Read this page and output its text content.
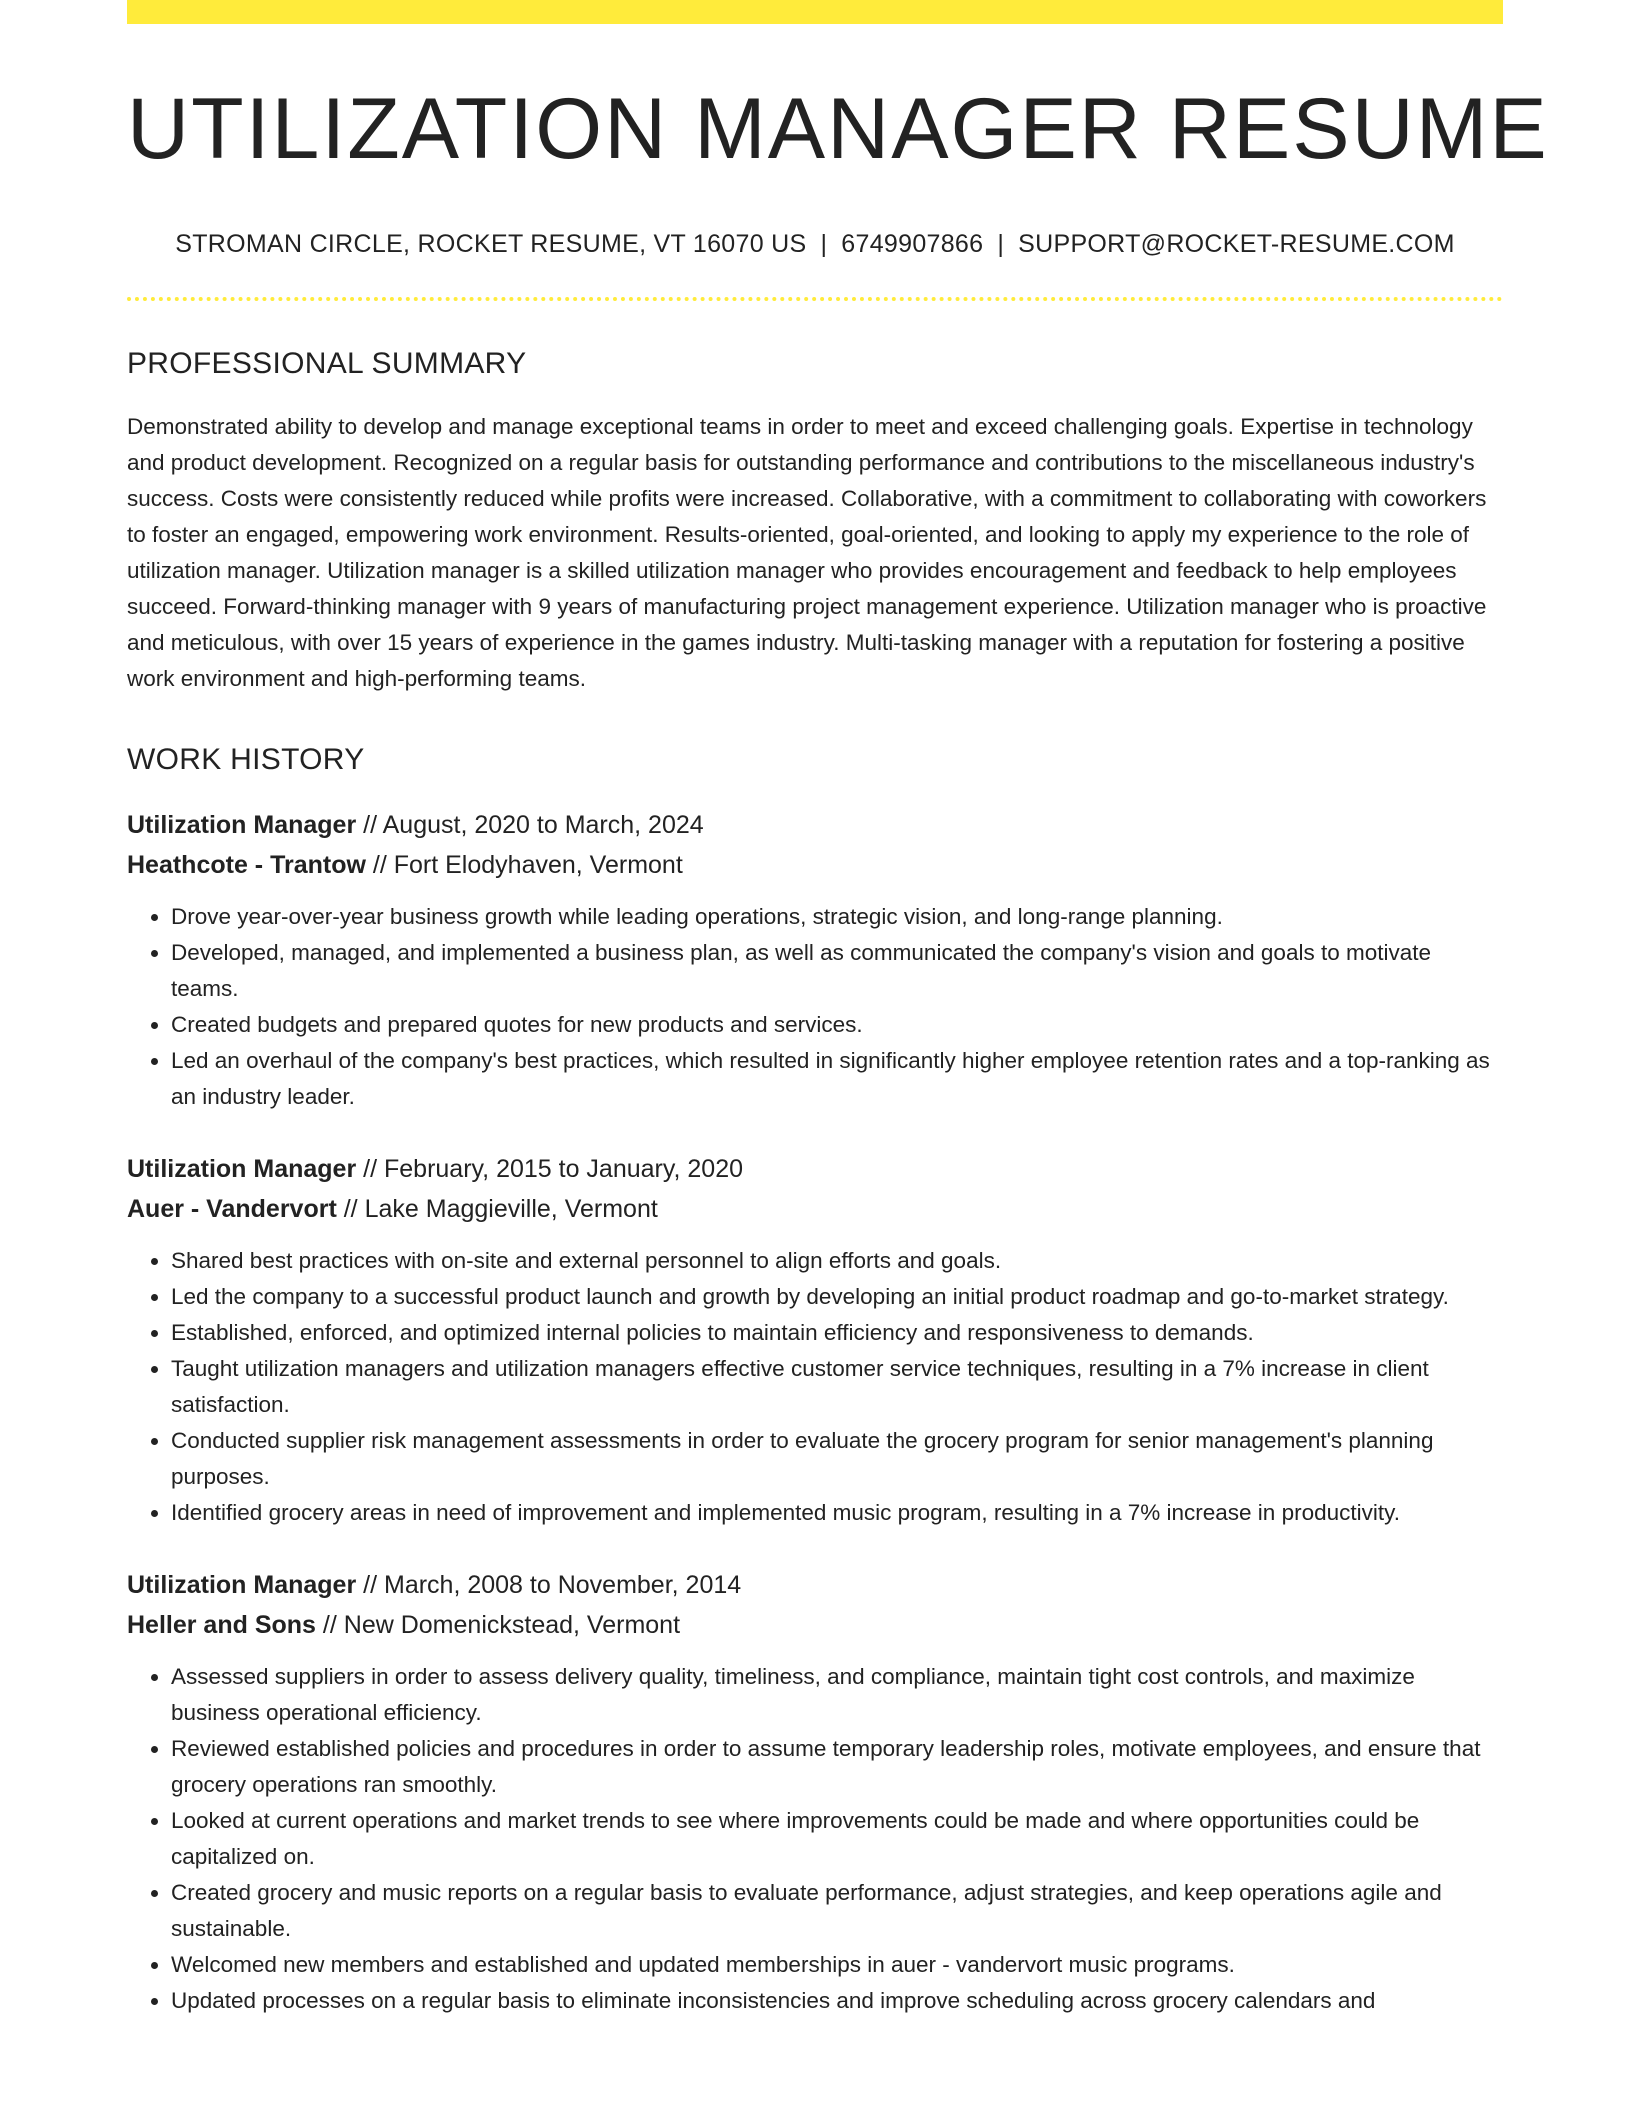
UTILIZATION MANAGER RESUME
STROMAN CIRCLE, ROCKET RESUME, VT 16070 US | 6749907866 | SUPPORT@ROCKET-RESUME.COM
PROFESSIONAL SUMMARY

Demonstrated ability to develop and manage exceptional teams in order to meet and exceed challenging goals. Expertise in technology and product development. Recognized on a regular basis for outstanding performance and contributions to the miscellaneous industry's success. Costs were consistently reduced while profits were increased. Collaborative, with a commitment to collaborating with coworkers to foster an engaged, empowering work environment. Results-oriented, goal-oriented, and looking to apply my experience to the role of utilization manager. Utilization manager is a skilled utilization manager who provides encouragement and feedback to help employees succeed. Forward-thinking manager with 9 years of manufacturing project management experience. Utilization manager who is proactive and meticulous, with over 15 years of experience in the games industry. Multi-tasking manager with a reputation for fostering a positive work environment and high-performing teams.

WORK HISTORY
Utilization Manager // August, 2020 to March, 2024
Heathcote - Trantow // Fort Elodyhaven, Vermont
• Drove year-over-year business growth while leading operations, strategic vision, and long-range planning.
• Developed, managed, and implemented a business plan, as well as communicated the company's vision and goals to motivate teams.
• Created budgets and prepared quotes for new products and services.
• Led an overhaul of the company's best practices, which resulted in significantly higher employee retention rates and a top-ranking as an industry leader.
Utilization Manager // February, 2015 to January, 2020
Auer - Vandervort // Lake Maggieville, Vermont
• Shared best practices with on-site and external personnel to align efforts and goals.
• Led the company to a successful product launch and growth by developing an initial product roadmap and go-to-market strategy.
• Established, enforced, and optimized internal policies to maintain efficiency and responsiveness to demands.
• Taught utilization managers and utilization managers effective customer service techniques, resulting in a 7% increase in client satisfaction.
• Conducted supplier risk management assessments in order to evaluate the grocery program for senior management's planning purposes.
• Identified grocery areas in need of improvement and implemented music program, resulting in a 7% increase in productivity.
Utilization Manager // March, 2008 to November, 2014
Heller and Sons // New Domenickstead, Vermont
• Assessed suppliers in order to assess delivery quality, timeliness, and compliance, maintain tight cost controls, and maximize business operational efficiency.
• Reviewed established policies and procedures in order to assume temporary leadership roles, motivate employees, and ensure that grocery operations ran smoothly.
• Looked at current operations and market trends to see where improvements could be made and where opportunities could be capitalized on.
• Created grocery and music reports on a regular basis to evaluate performance, adjust strategies, and keep operations agile and sustainable.
• Welcomed new members and established and updated memberships in auer - vandervort music programs.
• Updated processes on a regular basis to eliminate inconsistencies and improve scheduling across grocery calendars and
